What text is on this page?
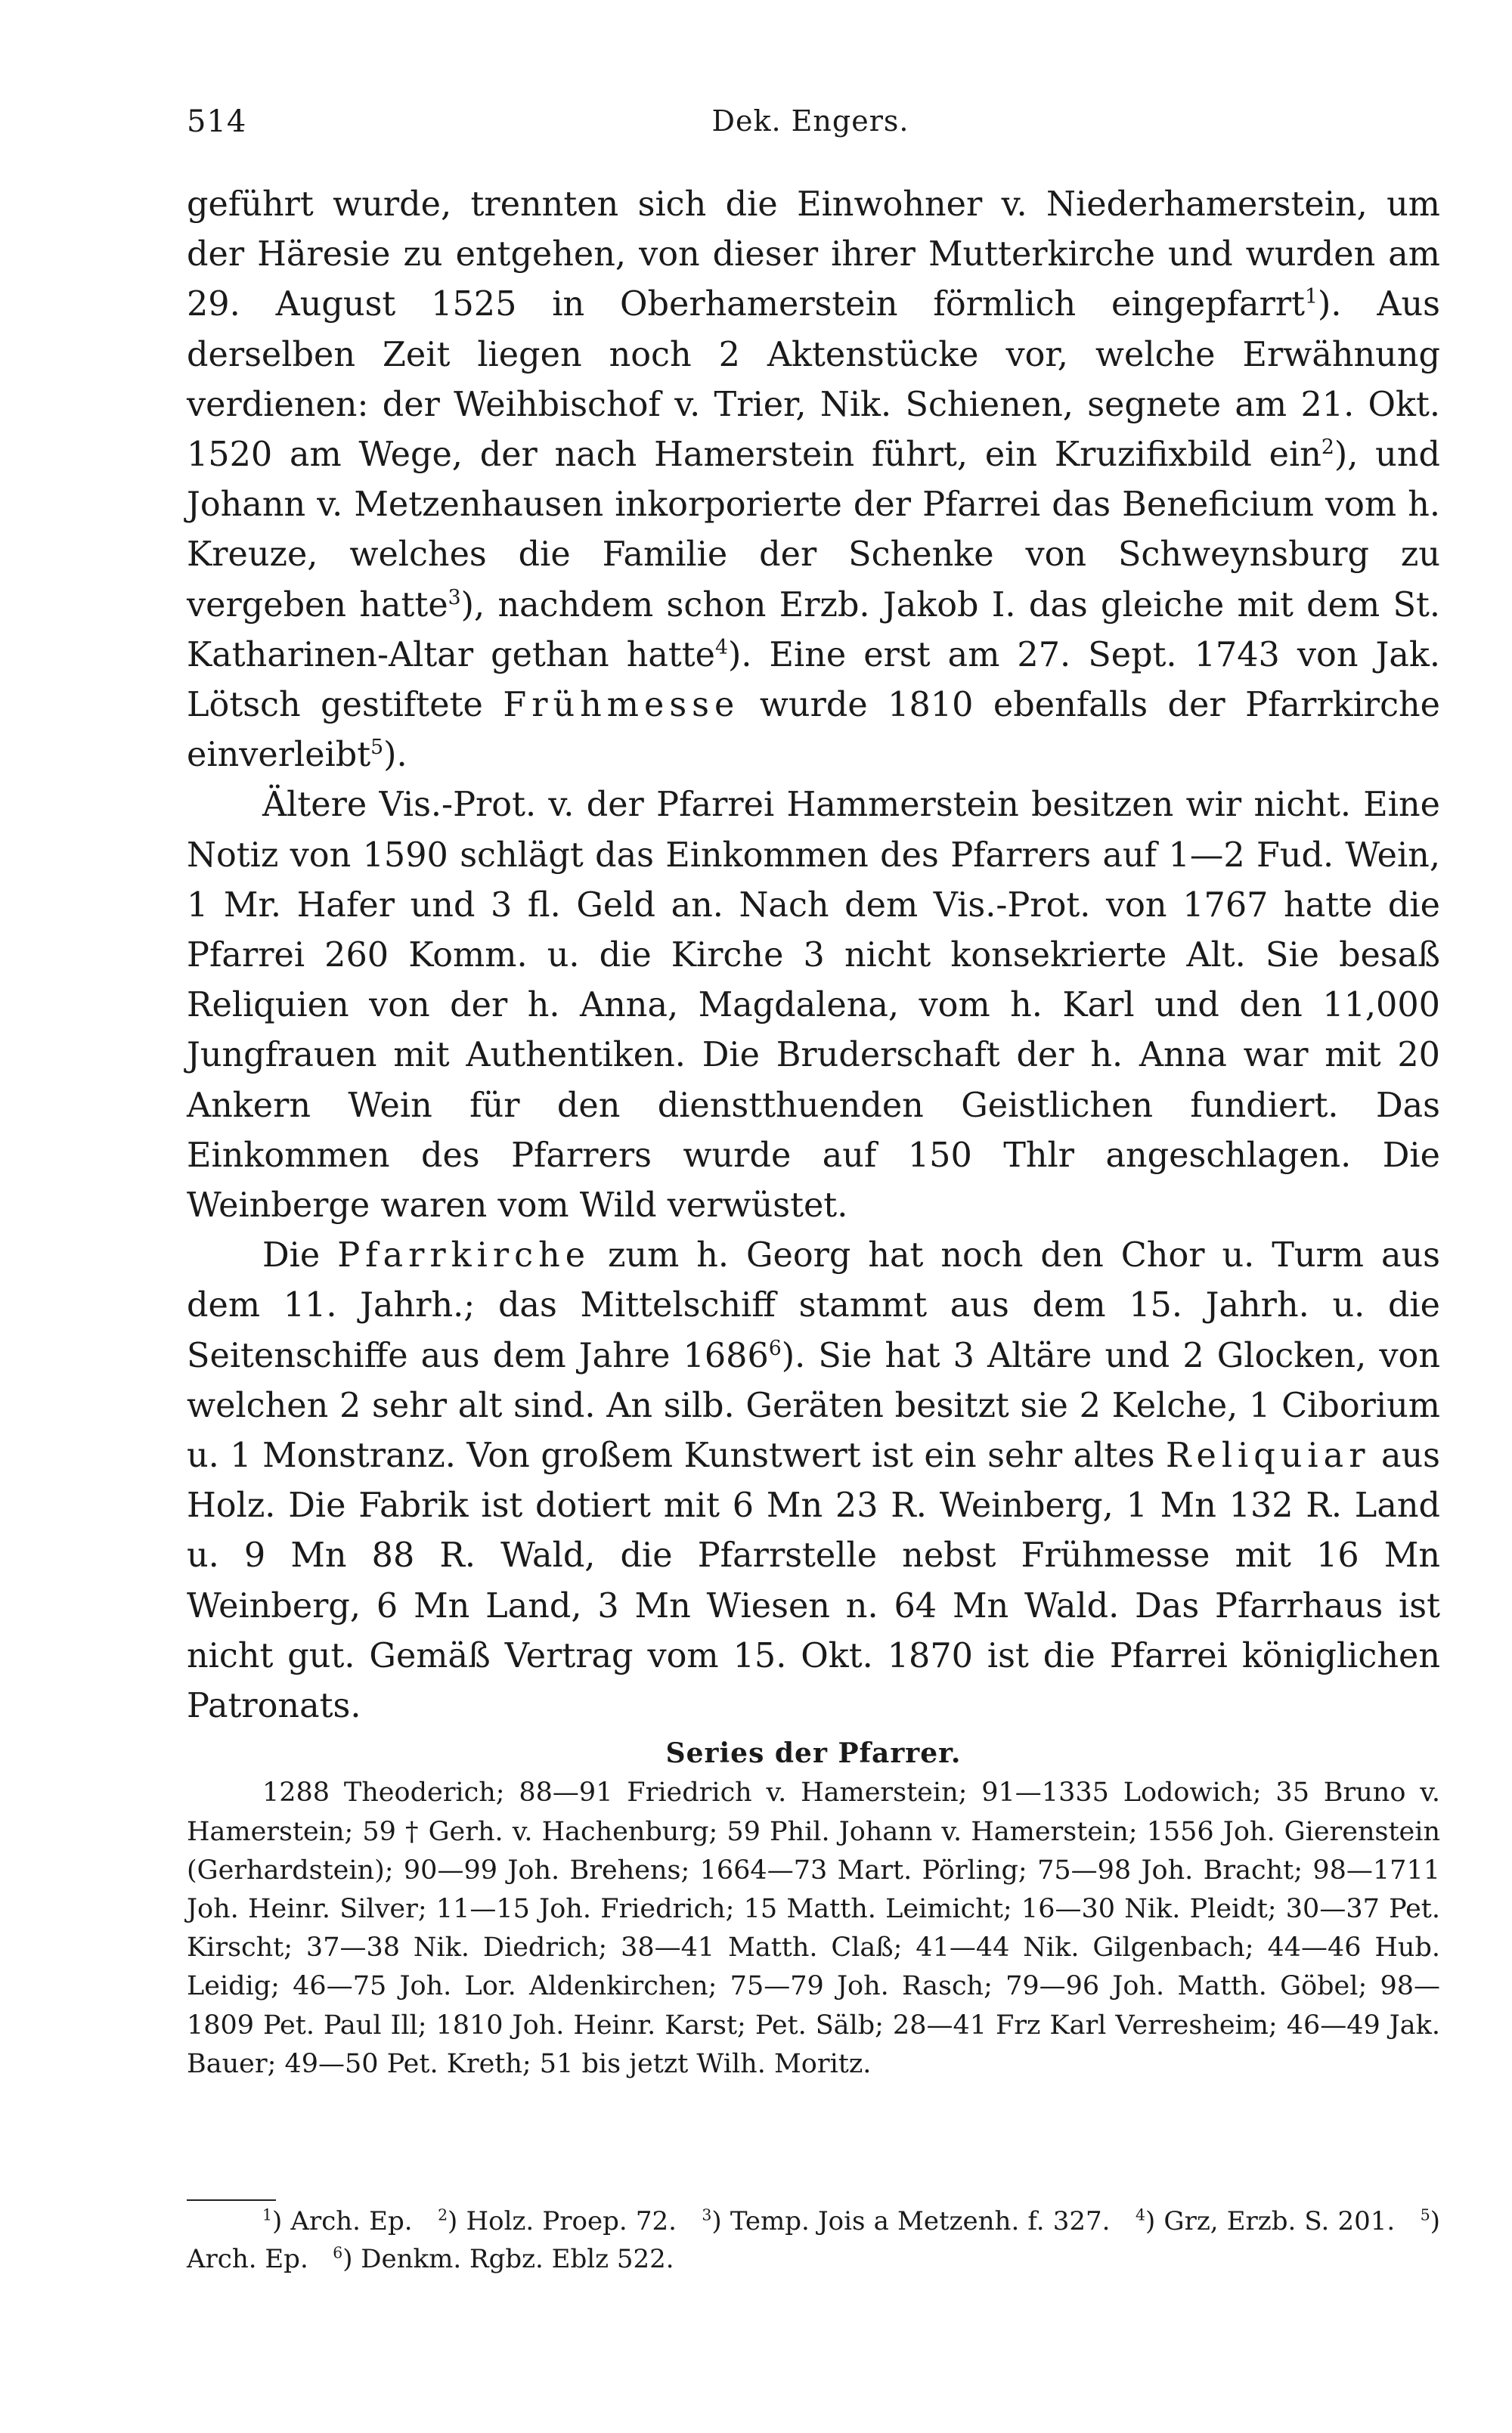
514	Dek. Engers.

geführt wurde, trennten sich die Einwohner v. Niederhamerstein, um der Häresie zu entgehen, von dieser ihrer Mutterkirche und wurden am 29. August 1525 in Oberhamerstein förmlich eingepfarrt$^1$). Aus derselben Zeit liegen noch 2 Aktenstücke vor, welche Erwähnung verdienen: der Weihbischof v. Trier, Nik. Schienen, segnete am 21. Okt. 1520 am Wege, der nach Hamerstein führt, ein Kruzifixbild ein$^2$), und Johann v. Metzenhausen inkorporierte der Pfarrei das Beneficium vom h. Kreuze, welches die Familie der Schenke von Schweynsburg zu vergeben hatte$^3$), nachdem schon Erzb. Jakob I. das gleiche mit dem St. Katharinen-Altar gethan hatte$^4$). Eine erst am 27. Sept. 1743 von Jak. Lötsch gestiftete Frühmesse wurde 1810 ebenfalls der Pfarrkirche einverleibt$^5$).

Ältere Vis.-Prot. v. der Pfarrei Hammerstein besitzen wir nicht. Eine Notiz von 1590 schlägt das Einkommen des Pfarrers auf 1—2 Fud. Wein, 1 Mr. Hafer und 3 fl. Geld an. Nach dem Vis.-Prot. von 1767 hatte die Pfarrei 260 Komm. u. die Kirche 3 nicht konsekrierte Alt. Sie besaß Reliquien von der h. Anna, Magdalena, vom h. Karl und den 11,000 Jungfrauen mit Authentiken. Die Bruderschaft der h. Anna war mit 20 Ankern Wein für den dienstthuenden Geistlichen fundiert. Das Einkommen des Pfarrers wurde auf 150 Thlr angeschlagen. Die Weinberge waren vom Wild verwüstet.

Die Pfarrkirche zum h. Georg hat noch den Chor u. Turm aus dem 11. Jahrh.; das Mittelschiff stammt aus dem 15. Jahrh. u. die Seitenschiffe aus dem Jahre 1686$^6$). Sie hat 3 Altäre und 2 Glocken, von welchen 2 sehr alt sind. An silb. Geräten besitzt sie 2 Kelche, 1 Ciborium u. 1 Monstranz. Von großem Kunstwert ist ein sehr altes Reliquiar aus Holz. Die Fabrik ist dotiert mit 6 Mn 23 R. Weinberg, 1 Mn 132 R. Land u. 9 Mn 88 R. Wald, die Pfarrstelle nebst Frühmesse mit 16 Mn Weinberg, 6 Mn Land, 3 Mn Wiesen n. 64 Mn Wald. Das Pfarrhaus ist nicht gut. Gemäß Vertrag vom 15. Okt. 1870 ist die Pfarrei königlichen Patronats.

Series der Pfarrer.

1288 Theoderich; 88—91 Friedrich v. Hamerstein; 91—1335 Lodowich; 35 Bruno v. Hamerstein; 59 † Gerh. v. Hachenburg; 59 Phil. Johann v. Hamerstein; 1556 Joh. Gierenstein (Gerhardstein); 90—99 Joh. Brehens; 1664—73 Mart. Pörling; 75—98 Joh. Bracht; 98—1711 Joh. Heinr. Silver; 11—15 Joh. Friedrich; 15 Matth. Leimicht; 16—30 Nik. Pleidt; 30—37 Pet. Kirscht; 37—38 Nik. Diedrich; 38—41 Matth. Claß; 41—44 Nik. Gilgenbach; 44—46 Hub. Leidig; 46—75 Joh. Lor. Aldenkirchen; 75—79 Joh. Rasch; 79—96 Joh. Matth. Göbel; 98—1809 Pet. Paul Ill; 1810 Joh. Heinr. Karst; Pet. Sälb; 28—41 Frz Karl Verresheim; 46—49 Jak. Bauer; 49—50 Pet. Kreth; 51 bis jetzt Wilh. Moritz.

$^1$) Arch. Ep. $^2$) Holz. Proep. 72. $^3$) Temp. Jois a Metzenh. f. 327. $^4$) Grz, Erzb. S. 201. $^5$) Arch. Ep. $^6$) Denkm. Rgbz. Eblz 522.
